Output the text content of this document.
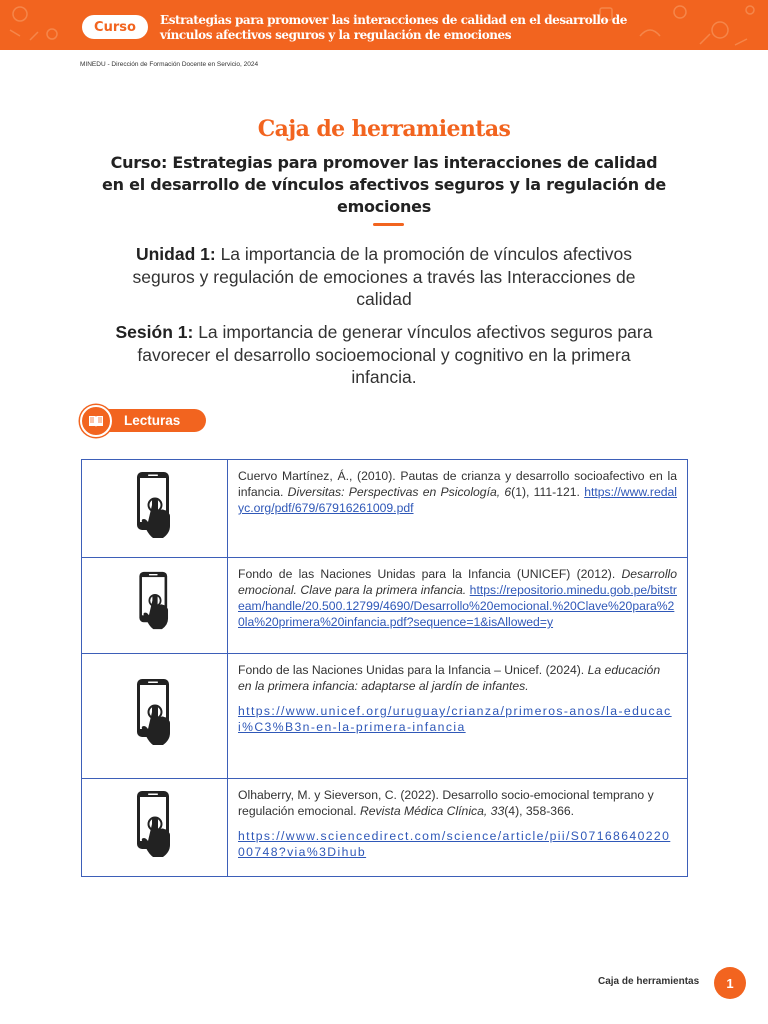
Curso	Estrategias para promover las interacciones de calidad en el desarrollo de
vínculos afectivos seguros y la regulación de emociones
MINEDU - Dirección de Formación Docente en Servicio, 2024
Caja de herramientas
Curso: Estrategias para promover las interacciones de calidad
en el desarrollo de vínculos afectivos seguros y la regulación de
emociones
Unidad 1: La importancia de la promoción de vínculos afectivos seguros y regulación de emociones a través las Interacciones de calidad
Sesión 1: La importancia de generar vínculos afectivos seguros para favorecer el desarrollo socioemocional y cognitivo en la primera infancia.
Lecturas

Cuervo Martínez, Á., (2010). Pautas de crianza y desarrollo socioafectivo en la infancia. Diversitas: Perspectivas en Psicología, 6(1), 111-121. https://www.redalyc.org/pdf/679/67916261009.pdf

Fondo de las Naciones Unidas para la Infancia (UNICEF) (2012). Desarrollo emocional. Clave para la primera infancia. https://repositorio.minedu.gob.pe/bitstream/handle/20.500.12799/4690/Desarrollo%20emocional.%20Clave%20para%20la%20primera%20infancia.pdf?sequence=1&isAllowed=y

Fondo de las Naciones Unidas para la Infancia – Unicef. (2024). La educación en la primera infancia: adaptarse al jardín de infantes.
https://www.unicef.org/uruguay/crianza/primeros-anos/la-educaci%C3%B3n-en-la-primera-infancia

Olhaberry, M. y Sieverson, C. (2022). Desarrollo socio-emocional temprano y regulación emocional. Revista Médica Clínica, 33(4), 358-366.
https://www.sciencedirect.com/science/article/pii/S0716864022000748?via%3Dihub
Caja de herramientas	1
